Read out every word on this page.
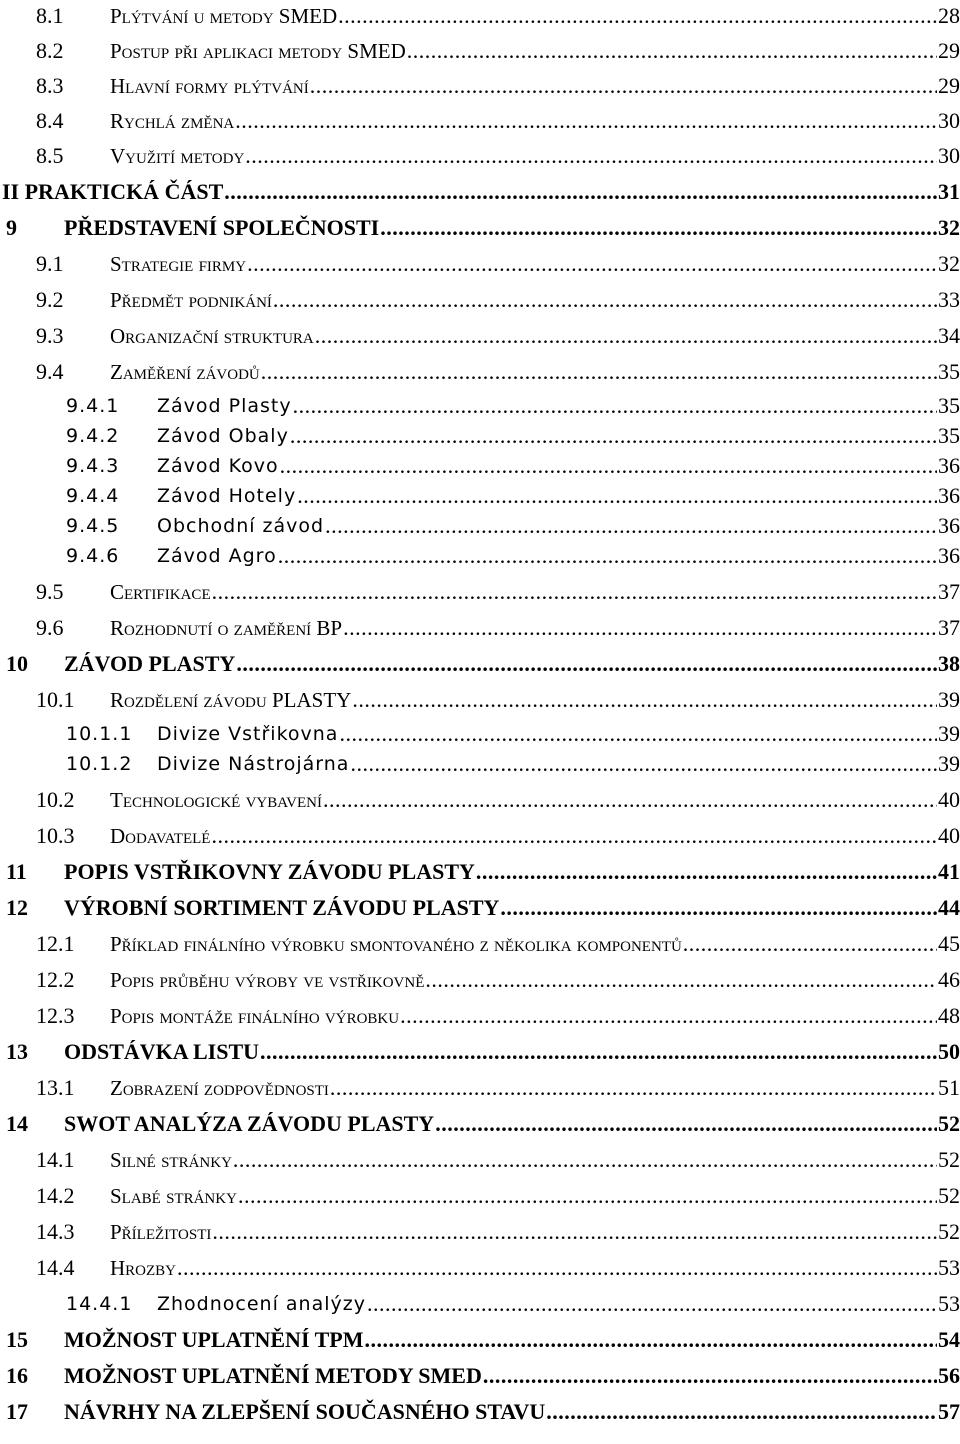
8.1 Plýtvání u metody SMED .....	28
8.2 Postup při aplikaci metody SMED .....	29
8.3 Hlavní formy plýtvání .....	29
8.4 Rychlá změna .....	30
8.5 Využití metody .....	30
II PRAKTICKÁ ČÁST .....	31
9 PŘEDSTAVENÍ SPOLEČNOSTI .....	32
9.1 Strategie firmy .....	32
9.2 Předmět podnikání .....	33
9.3 Organizační struktura .....	34
9.4 Zaměření závodů .....	35
9.4.1 Závod Plasty .....	35
9.4.2 Závod Obaly .....	35
9.4.3 Závod Kovo .....	36
9.4.4 Závod Hotely .....	36
9.4.5 Obchodní závod .....	36
9.4.6 Závod Agro .....	36
9.5 Certifikace .....	37
9.6 Rozhodnutí o zaměření BP .....	37
10 ZÁVOD PLASTY .....	38
10.1 Rozdělení závodu PLASTY .....	39
10.1.1 Divize Vstřikovna .....	39
10.1.2 Divize Nástrojárna .....	39
10.2 Technologické vybavení .....	40
10.3 Dodavatelé .....	40
11 POPIS VSTŘIKOVNY ZÁVODU PLASTY .....	41
12 VÝROBNÍ SORTIMENT ZÁVODU PLASTY .....	44
12.1 Příklad finálního výrobku smontovaného z několika komponentů .....	45
12.2 Popis průběhu výroby ve vstřikovně .....	46
12.3 Popis montáže finálního výrobku .....	48
13 ODSTÁVKA LISTU .....	50
13.1 Zobrazení zodpovědnosti .....	51
14 SWOT ANALÝZA ZÁVODU PLASTY .....	52
14.1 Silné stránky .....	52
14.2 Slabé stránky .....	52
14.3 Příležitosti .....	52
14.4 Hrozby .....	53
14.4.1 Zhodnocení analýzy .....	53
15 MOŽNOST UPLATNĚNÍ TPM .....	54
16 MOŽNOST UPLATNĚNÍ METODY SMED .....	56
17 NÁVRHY NA ZLEPŠENÍ SOUČASNÉHO STAVU .....	57
